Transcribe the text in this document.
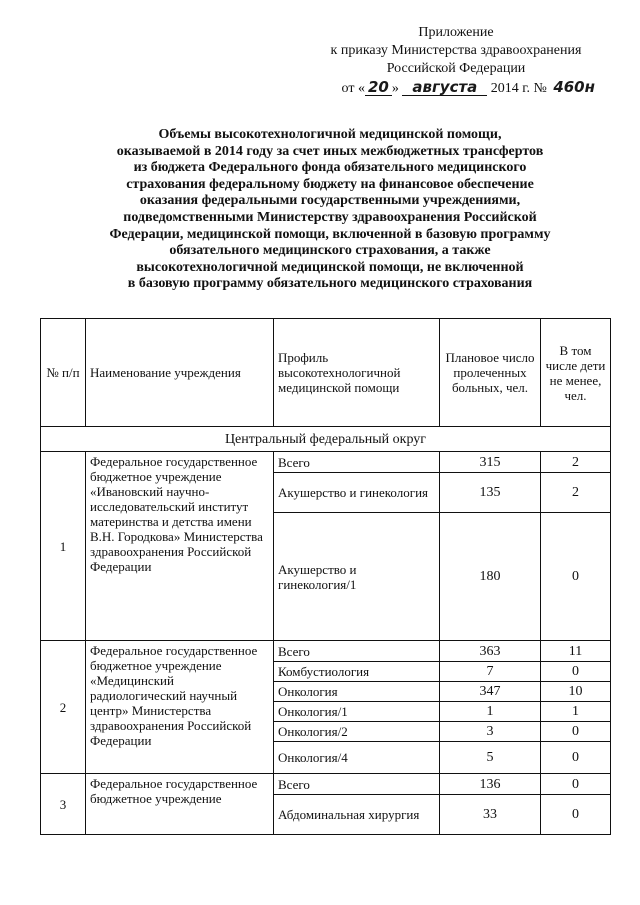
Приложение
к приказу Министерства здравоохранения
Российской Федерации
от « 20 » августа 2014 г. № 460н
Объемы высокотехнологичной медицинской помощи,
оказываемой в 2014 году за счет иных межбюджетных трансфертов
из бюджета Федерального фонда обязательного медицинского
страхования федеральному бюджету на финансовое обеспечение
оказания федеральными государственными учреждениями,
подведомственными Министерству здравоохранения Российской
Федерации, медицинской помощи, включенной в базовую программу
обязательного медицинского страхования, а также
высокотехнологичной медицинской помощи, не включенной
в базовую программу обязательного медицинского страхования
№ п/п	Наименование учреждения	Профиль высокотехнологичной медицинской помощи	Плановое число пролеченных больных, чел.	В том числе дети не менее, чел.
Центральный федеральный округ				
1	Федеральное государственное бюджетное учреждение «Ивановский научно-исследовательский институт материнства и детства имени В.Н. Городкова» Министерства здравоохранения Российской Федерации	Всего	315	2
		Акушерство и гинекология	135	2
		Акушерство и гинекология/1	180	0
2	Федеральное государственное бюджетное учреждение «Медицинский радиологический научный центр» Министерства здравоохранения Российской Федерации	Всего	363	11
		Комбустиология	7	0
		Онкология	347	10
		Онкология/1	1	1
		Онкология/2	3	0
		Онкология/4	5	0
3	Федеральное государственное бюджетное учреждение	Всего	136	0
		Абдоминальная хирургия	33	0
